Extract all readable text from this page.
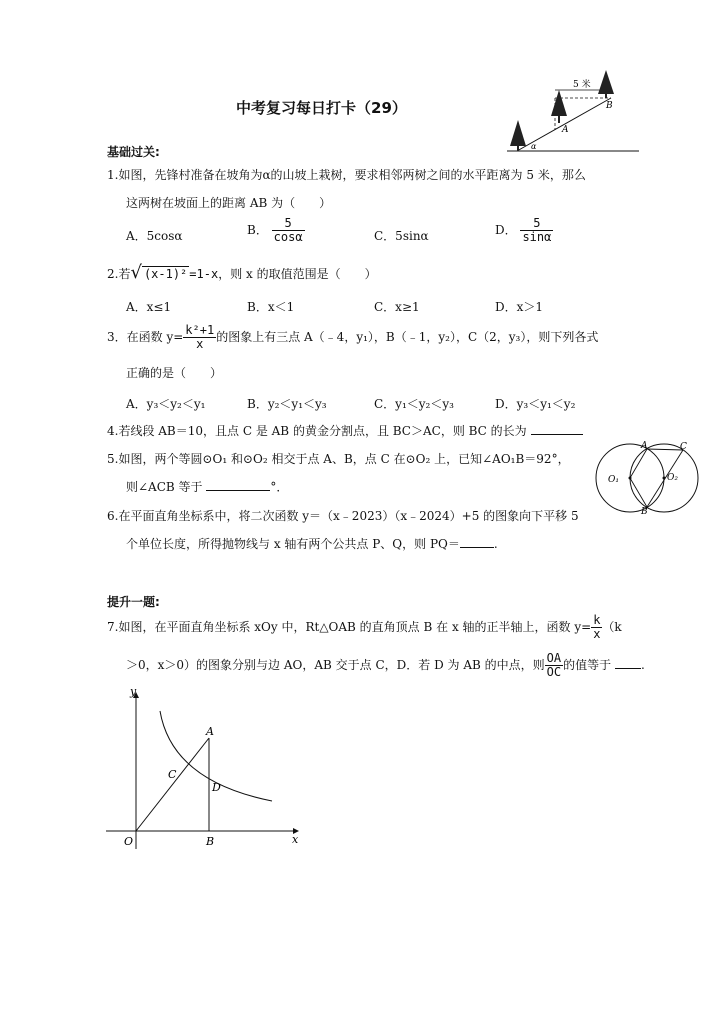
中考复习每日打卡（29）
5 米
A
B
α
基础过关:
1.如图，先锋村准备在坡角为α的山坡上栽树，要求相邻两树之间的水平距离为 5 米，那么
这两树在坡面上的距离 AB 为（　　）
A．5cosα	B． $\frac{5}{\cos\alpha}$	C．5sinα	D． $\frac{5}{\sin\alpha}$
2.若√ (x-1)² =1-x，则 x 的取值范围是（　　）
A．x≤1	B．x＜1	C．x≥1	D．x＞1
3．在函数 $y= \frac{\text{k²+1}}{x}$ 的图象上有三点 A（﹣4，y₁），B（﹣1，y₂），C（2，y₃），则下列各式
正确的是（　　）
A．y₃＜y₂＜y₁	B．y₂＜y₁＜y₃	C．y₁＜y₂＜y₃	D．y₃＜y₁＜y₂
4.若线段 AB＝10，且点 C 是 AB 的黄金分割点，且 BC＞AC，则 BC 的长为
5.如图，两个等圆⊙O₁ 和⊙O₂ 相交于点 A、B，点 C 在⊙O₂ 上，已知∠AO₁B＝92°，
则∠ACB 等于	°．
A
B
C
O₁	O₂
6.在平面直角坐标系中，将二次函数 y＝（x﹣2023）（x﹣2024）+5 的图象向下平移 5
个单位长度，所得抛物线与 x 轴有两个公共点 P、Q，则 PQ＝	.
提升一题:
7.如图，在平面直角坐标系 xOy 中，Rt△OAB 的直角顶点 B 在 x 轴的正半轴上，函数 $y= \frac{k}{x} (k$
＞0，x＞0）的图象分别与边 AO，AB 交于点 C，D．若 D 为 AB 的中点，则 $\frac{OA}{OC}$ 的值等于 .
y
x
O
A
B
C
D
